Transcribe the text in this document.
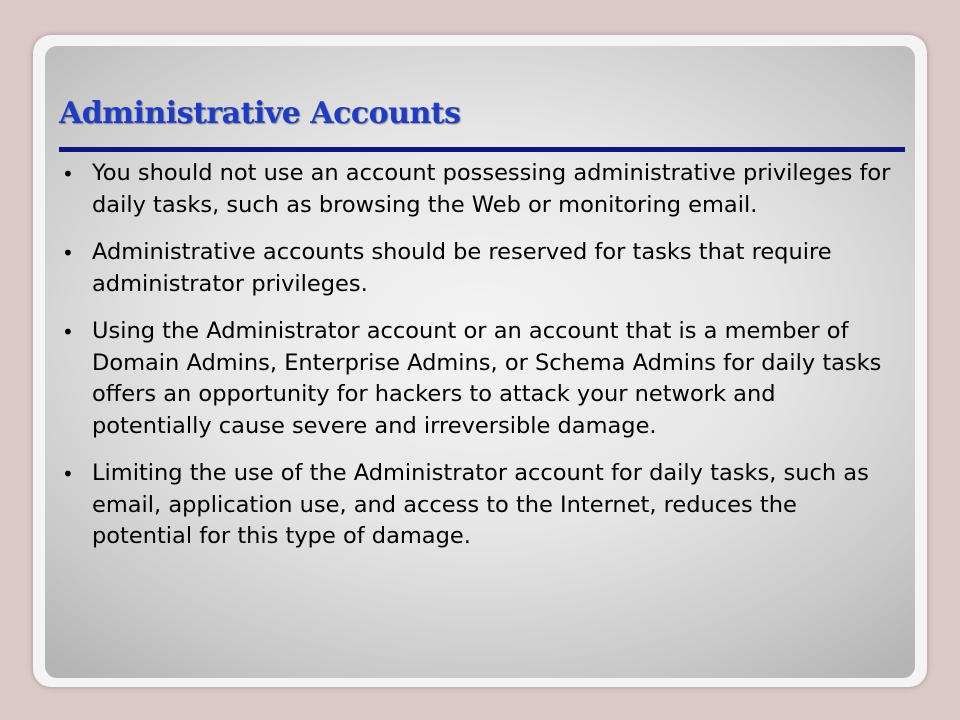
Administrative Accounts
• You should not use an account possessing administrative privileges for daily tasks, such as browsing the Web or monitoring email.
• Administrative accounts should be reserved for tasks that require administrator privileges.
• Using the Administrator account or an account that is a member of Domain Admins, Enterprise Admins, or Schema Admins for daily tasks offers an opportunity for hackers to attack your network and potentially cause severe and irreversible damage.
• Limiting the use of the Administrator account for daily tasks, such as email, application use, and access to the Internet, reduces the potential for this type of damage.
